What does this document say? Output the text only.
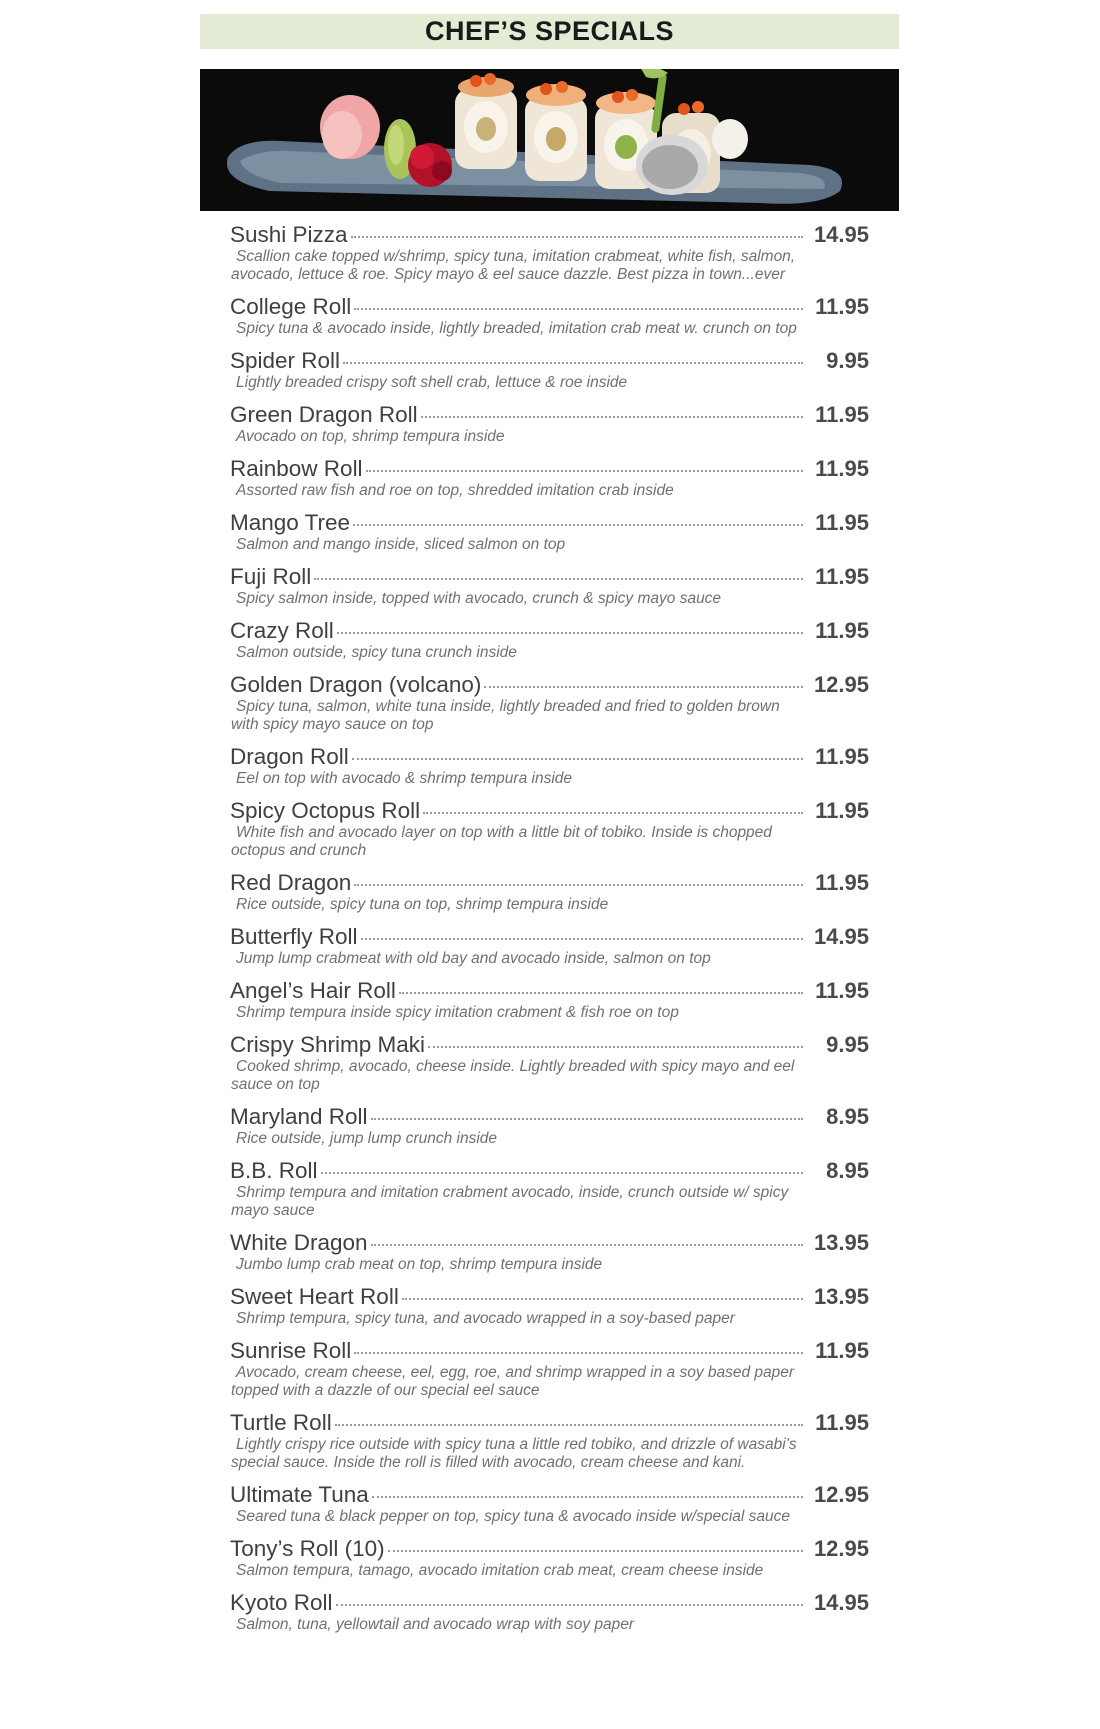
CHEF’S SPECIALS
Sushi Pizza	14.95
Scallion cake topped w/shrimp, spicy tuna, imitation crabmeat, white fish, salmon, avocado, lettuce & roe. Spicy mayo & eel sauce dazzle. Best pizza in town...ever
College Roll	11.95
Spicy tuna & avocado inside, lightly breaded, imitation crab meat w. crunch on top
Spider Roll	9.95
Lightly breaded crispy soft shell crab, lettuce & roe inside
Green Dragon Roll	11.95
Avocado on top, shrimp tempura inside
Rainbow Roll	11.95
Assorted raw fish and roe on top, shredded imitation crab inside
Mango Tree	11.95
Salmon and mango inside, sliced salmon on top
Fuji Roll	11.95
Spicy salmon inside, topped with avocado, crunch & spicy mayo sauce
Crazy Roll	11.95
Salmon outside, spicy tuna crunch inside
Golden Dragon (volcano)	12.95
Spicy tuna, salmon, white tuna inside, lightly breaded and fried to golden brown with spicy mayo sauce on top
Dragon Roll	11.95
Eel on top with avocado & shrimp tempura inside
Spicy Octopus Roll	11.95
White fish and avocado layer on top with a little bit of tobiko. Inside is chopped octopus and crunch
Red Dragon	11.95
Rice outside, spicy tuna on top, shrimp tempura inside
Butterfly Roll	14.95
Jump lump crabmeat with old bay and avocado inside, salmon on top
Angel’s Hair Roll	11.95
Shrimp tempura inside spicy imitation crabment & fish roe on top
Crispy Shrimp Maki	9.95
Cooked shrimp, avocado, cheese inside. Lightly breaded with spicy mayo and eel sauce on top
Maryland Roll	8.95
Rice outside, jump lump crunch inside
B.B. Roll	8.95
Shrimp tempura and imitation crabment avocado, inside, crunch outside w/ spicy mayo sauce
White Dragon	13.95
Jumbo lump crab meat on top, shrimp tempura inside
Sweet Heart Roll	13.95
Shrimp tempura, spicy tuna, and avocado wrapped in a soy-based paper
Sunrise Roll	11.95
Avocado, cream cheese, eel, egg, roe, and shrimp wrapped in a soy based paper topped with a dazzle of our special eel sauce
Turtle Roll	11.95
Lightly crispy rice outside with spicy tuna a little red tobiko, and drizzle of wasabi’s special sauce. Inside the roll is filled with avocado, cream cheese and kani.
Ultimate Tuna	12.95
Seared tuna & black pepper on top, spicy tuna & avocado inside w/special sauce
Tony’s Roll (10)	12.95
Salmon tempura, tamago, avocado imitation crab meat, cream cheese inside
Kyoto Roll	14.95
Salmon, tuna, yellowtail and avocado wrap with soy paper
